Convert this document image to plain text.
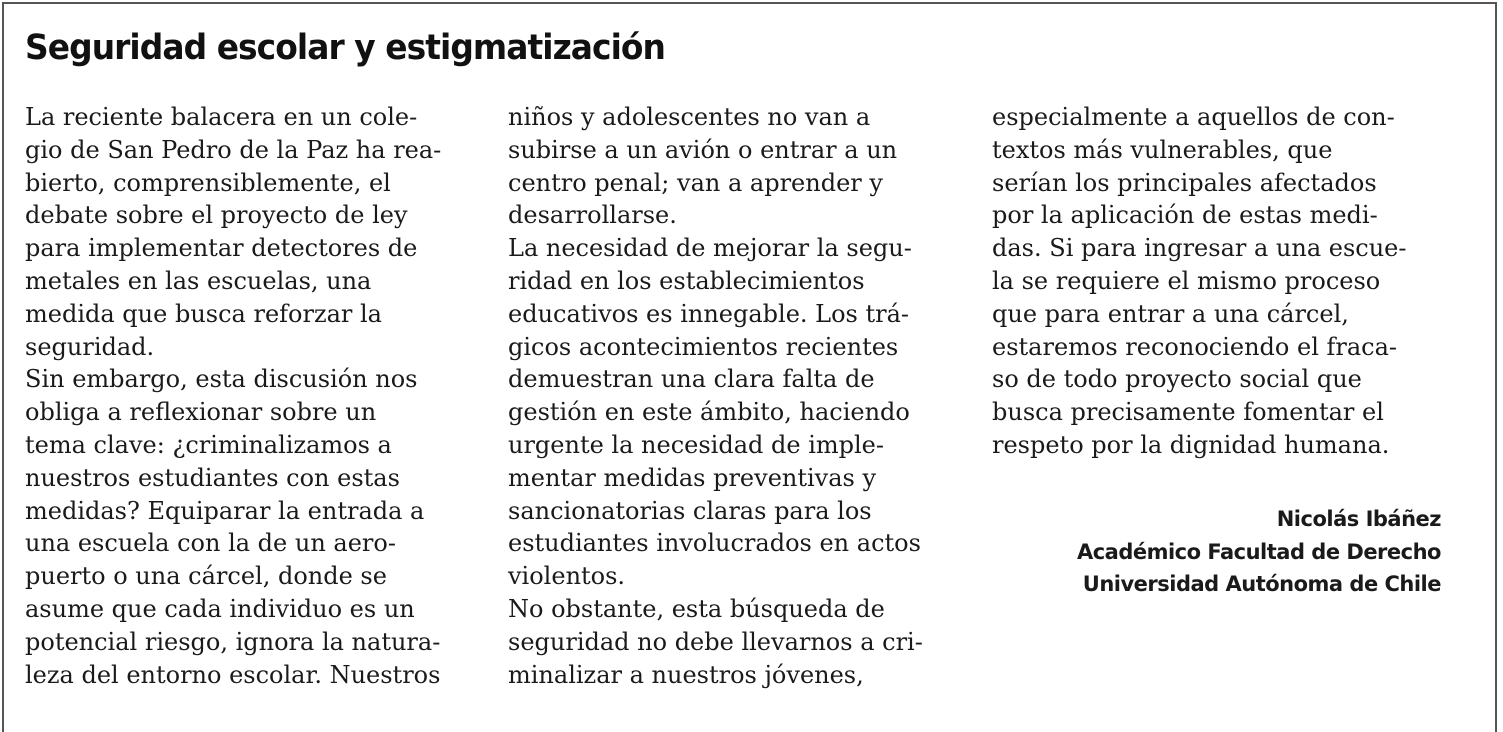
Seguridad escolar y estigmatización
La reciente balacera en un cole-
gio de San Pedro de la Paz ha rea-
bierto, comprensiblemente, el
debate sobre el proyecto de ley
para implementar detectores de
metales en las escuelas, una
medida que busca reforzar la
seguridad.
Sin embargo, esta discusión nos
obliga a reflexionar sobre un
tema clave: ¿criminalizamos a
nuestros estudiantes con estas
medidas? Equiparar la entrada a
una escuela con la de un aero-
puerto o una cárcel, donde se
asume que cada individuo es un
potencial riesgo, ignora la natura-
leza del entorno escolar. Nuestros
niños y adolescentes no van a
subirse a un avión o entrar a un
centro penal; van a aprender y
desarrollarse.
La necesidad de mejorar la segu-
ridad en los establecimientos
educativos es innegable. Los trá-
gicos acontecimientos recientes
demuestran una clara falta de
gestión en este ámbito, haciendo
urgente la necesidad de imple-
mentar medidas preventivas y
sancionatorias claras para los
estudiantes involucrados en actos
violentos.
No obstante, esta búsqueda de
seguridad no debe llevarnos a cri-
minalizar a nuestros jóvenes,
especialmente a aquellos de con-
textos más vulnerables, que
serían los principales afectados
por la aplicación de estas medi-
das. Si para ingresar a una escue-
la se requiere el mismo proceso
que para entrar a una cárcel,
estaremos reconociendo el fraca-
so de todo proyecto social que
busca precisamente fomentar el
respeto por la dignidad humana.
Nicolás Ibáñez
Académico Facultad de Derecho
Universidad Autónoma de Chile
